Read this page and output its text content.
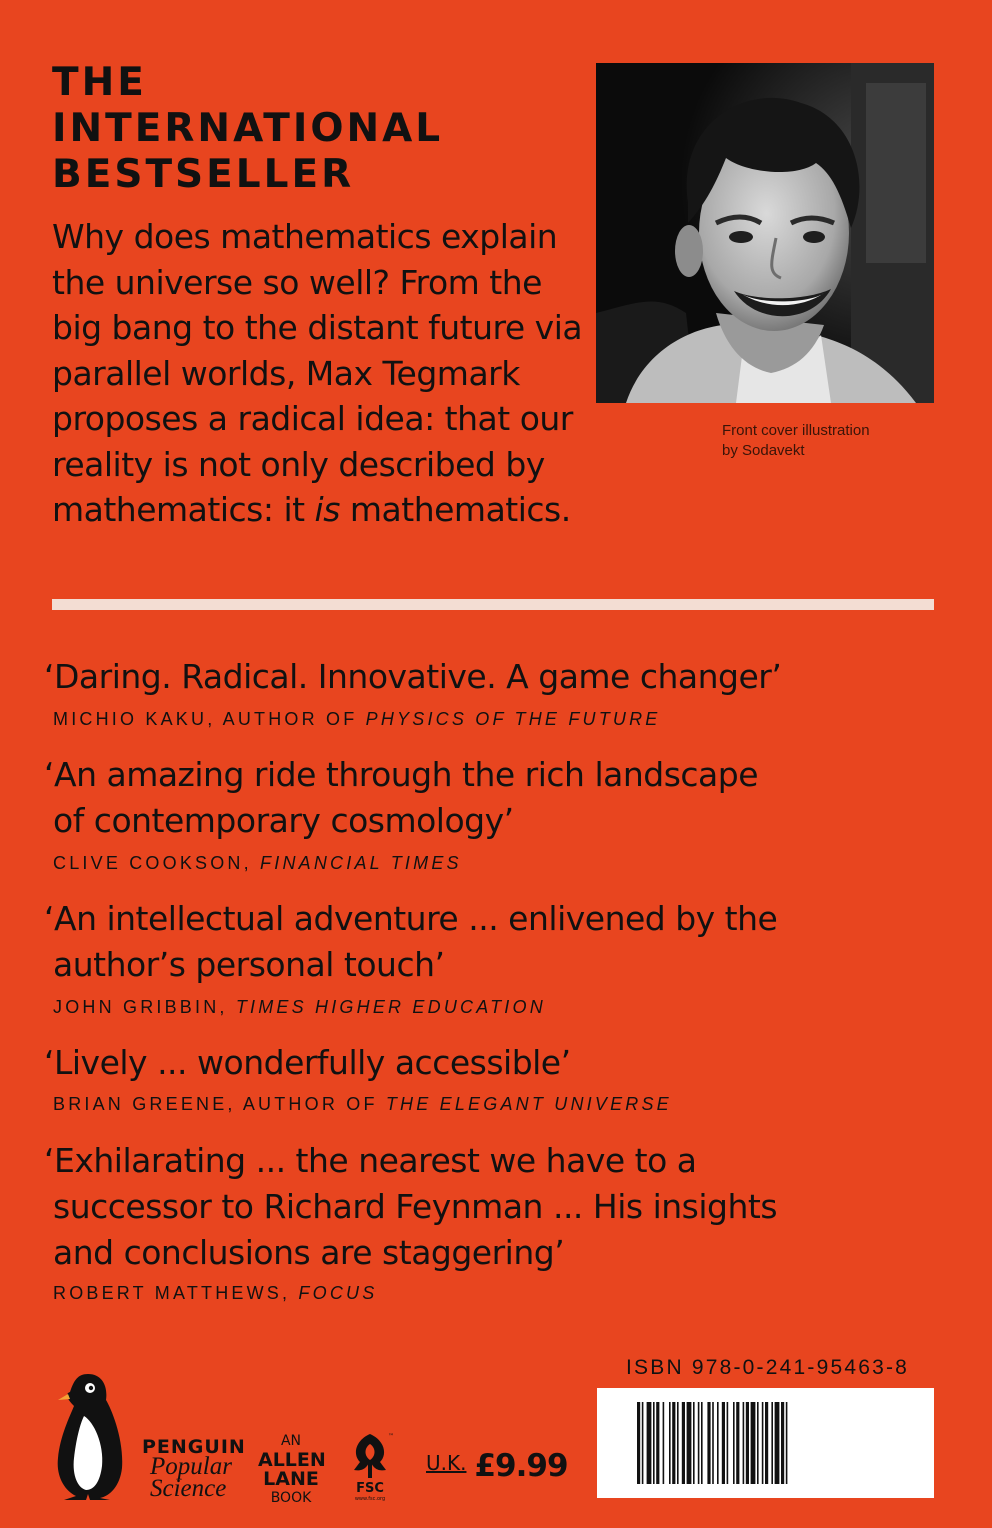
THE
INTERNATIONAL
BESTSELLER
Why does mathematics explain
the universe so well? From the
big bang to the distant future via
parallel worlds, Max Tegmark
proposes a radical idea: that our
reality is not only described by
mathematics: it is mathematics.
Front cover illustration
by Sodavekt
‘Daring. Radical. Innovative. A game changer’
MICHIO KAKU, AUTHOR OF PHYSICS OF THE FUTURE
‘An amazing ride through the rich landscape
of contemporary cosmology’
CLIVE COOKSON, FINANCIAL TIMES
‘An intellectual adventure ... enlivened by the
author’s personal touch’
JOHN GRIBBIN, TIMES HIGHER EDUCATION
‘Lively ... wonderfully accessible’
BRIAN GREENE, AUTHOR OF THE ELEGANT UNIVERSE
‘Exhilarating ... the nearest we have to a
successor to Richard Feynman ... His insights
and conclusions are staggering’
ROBERT MATTHEWS, FOCUS
PENGUIN
Popular
Science
AN
ALLEN
LANE
BOOK
FSC
www.fsc.org
™
U.K. £9.99
ISBN 978-0-241-95463-8
